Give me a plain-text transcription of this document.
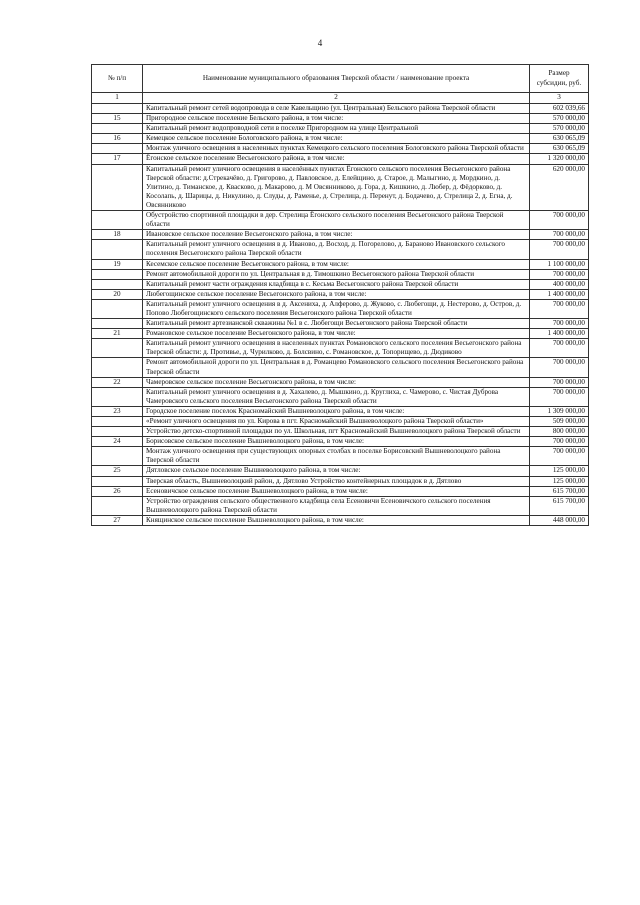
4
№ п/п	Наименование муниципального образования Тверской области / наименование проекта	Размер субсидии, руб.
1	2	3
	Капитальный ремонт сетей водопровода в селе Кавельщино (ул. Центральная) Бельского района Тверской области	602 039,66
15	Пригородное сельское поселение Бельского района, в том числе:	570 000,00
	Капитальный ремонт водопроводной сети в поселке Пригородном на улице Центральной	570 000,00
16	Кемецкое сельское поселение Бологовского района, в том числе:	630 065,09
	Монтаж уличного освещения в населенных пунктах Кемецкого сельского поселения Бологовского района Тверской области	630 065,09
17	Ёгонское сельское поселение Весьегонского района, в том числе:	1 320 000,00
	Капитальный ремонт уличного освещения в населённых пунктах Ёгонского сельского поселения Весьегонского района Тверской области: д.Стрекачёво, д. Григорово, д. Павловское, д. Елейщино, д. Старое, д. Малыгино, д. Мордкино, д. Улитино, д. Тиманское, д. Квасково, д. Макарово, д. М Овсянниково, д. Гора, д. Кишкино, д. Любер, д. Фёдорково, д. Косолапь, д. Шарицы, д. Никулино, д. Слуды, д. Раменье, д. Стрелица, д. Перенут, д. Бодачево, д. Стрелица 2, д. Егна, д. Овсянниково	620 000,00
	Обустройство спортивной площадки в дер. Стрелица Ёгонского сельского поселения Весьегонского района Тверской области	700 000,00
18	Ивановское сельское поселение Весьегонского района, в том числе:	700 000,00
	Капитальный ремонт уличного освещения в д. Иваново, д. Восход, д. Погорелово, д. Бараново Ивановского сельского поселения Весьегонского района Тверской области	700 000,00
19	Кесемское сельское поселение Весьегонского района, в том числе:	1 100 000,00
	Ремонт автомобильной дороги по ул. Центральная в д. Тимошкино Весьегонского района Тверской области	700 000,00
	Капитальный ремонт части ограждения кладбища в с. Кесьма Весьегонского района Тверской области	400 000,00
20	Любегощинское сельское поселение Весьегонского района, в том числе:	1 400 000,00
	Капитальный ремонт уличного освещения в д. Аксениха, д. Алферово, д. Жуково, с. Любегощи, д. Нестерово, д. Остров, д. Попово Любегощинского сельского поселения Весьегонского района Тверской области	700 000,00
	Капитальный ремонт артезианской скважины №1 в с. Любегощи Весьегонского района Тверской области	700 000,00
21	Романовское сельское поселение Весьегонского района, в том числе:	1 400 000,00
	Капитальный ремонт уличного освещения в населенных пунктах Романовского сельского поселения Весьегонского района Тверской области: д. Противье, д. Чурилково, д. Болсвино, с. Романовское, д. Топорищево, д. Дюдиково	700 000,00
	Ремонт автомобильной дороги по ул. Центральная в д. Романцево Романовского сельского поселения Весьегонского района Тверской области	700 000,00
22	Чамеровское сельское поселение Весьегонского района, в том числе:	700 000,00
	Капитальный ремонт уличного освещения в д. Хахалево, д. Мышкино, д. Круглиха, с. Чамерово, с. Чистая Дуброва Чамеровского сельского поселения Весьегонского района Тверской области	700 000,00
23	Городское поселение поселок Красномайский Вышневолоцкого района, в том числе:	1 309 000,00
	«Ремонт уличного освещения по ул. Кирова в пгт. Красномайский Вышневолоцкого района Тверской области»	509 000,00
	Устройство детско-спортивной площадки по ул. Школьная, пгт Красномайский Вышневолоцкого района Тверской области	800 000,00
24	Борисовское сельское поселение Вышневолоцкого района, в том числе:	700 000,00
	Монтаж уличного освещения при существующих опорных столбах в поселке Борисовский Вышневолоцкого района Тверской области	700 000,00
25	Дятловское сельское поселение Вышневолоцкого района, в том числе:	125 000,00
	Тверская область, Вышневолоцкий район, д. Дятлово Устройство контейнерных площадок в д. Дятлово	125 000,00
26	Есеновичское сельское поселение Вышневолоцкого района, в том числе:	615 700,00
	Устройство ограждения сельского общественного кладбища села Есеновичи Есеновичского сельского поселения Вышневолоцкого района Тверской области	615 700,00
27	Княщинское сельское поселение Вышневолоцкого района, в том числе:	448 000,00
